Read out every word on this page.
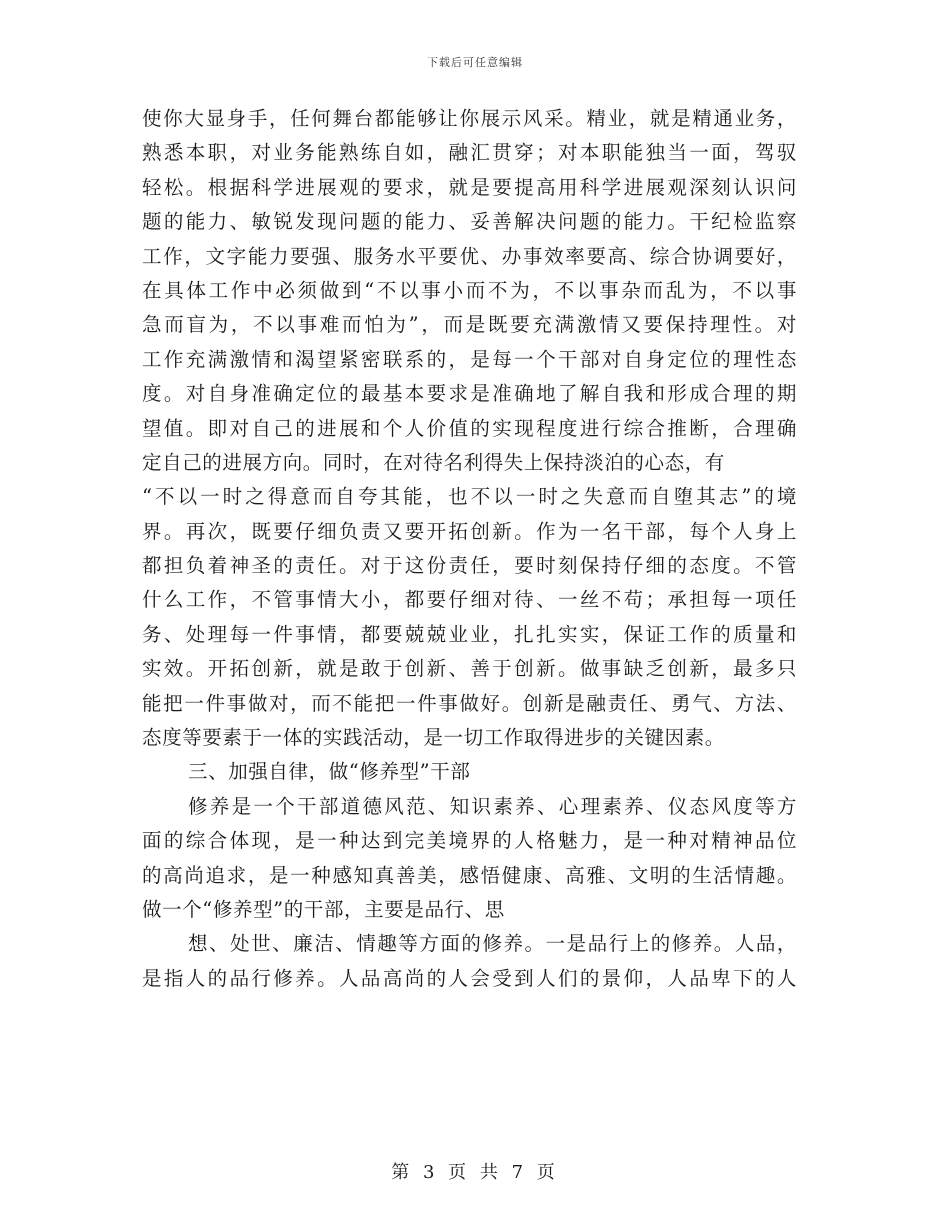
下载后可任意编辑
使你大显身手，任何舞台都能够让你展示风采。精业，就是精通业务，
熟悉本职，对业务能熟练自如，融汇贯穿；对本职能独当一面，驾驭
轻松。根据科学进展观的要求，就是要提高用科学进展观深刻认识问
题的能力、敏锐发现问题的能力、妥善解决问题的能力。干纪检监察
工作，文字能力要强、服务水平要优、办事效率要高、综合协调要好，
在具体工作中必须做到“不以事小而不为，不以事杂而乱为，不以事
急而盲为，不以事难而怕为”，而是既要充满激情又要保持理性。对
工作充满激情和渴望紧密联系的，是每一个干部对自身定位的理性态
度。对自身准确定位的最基本要求是准确地了解自我和形成合理的期
望值。即对自己的进展和个人价值的实现程度进行综合推断，合理确
定自己的进展方向。同时，在对待名利得失上保持淡泊的心态，有
“不以一时之得意而自夸其能，也不以一时之失意而自堕其志”的境
界。再次，既要仔细负责又要开拓创新。作为一名干部，每个人身上
都担负着神圣的责任。对于这份责任，要时刻保持仔细的态度。不管
什么工作，不管事情大小，都要仔细对待、一丝不苟；承担每一项任
务、处理每一件事情，都要兢兢业业，扎扎实实，保证工作的质量和
实效。开拓创新，就是敢于创新、善于创新。做事缺乏创新，最多只
能把一件事做对，而不能把一件事做好。创新是融责任、勇气、方法、
态度等要素于一体的实践活动，是一切工作取得进步的关键因素。
三、加强自律，做“修养型”干部
修养是一个干部道德风范、知识素养、心理素养、仪态风度等方
面的综合体现，是一种达到完美境界的人格魅力，是一种对精神品位
的高尚追求，是一种感知真善美，感悟健康、高雅、文明的生活情趣。
做一个“修养型”的干部，主要是品行、思
想、处世、廉洁、情趣等方面的修养。一是品行上的修养。人品，
是指人的品行修养。人品高尚的人会受到人们的景仰，人品卑下的人
第 3 页 共 7 页
